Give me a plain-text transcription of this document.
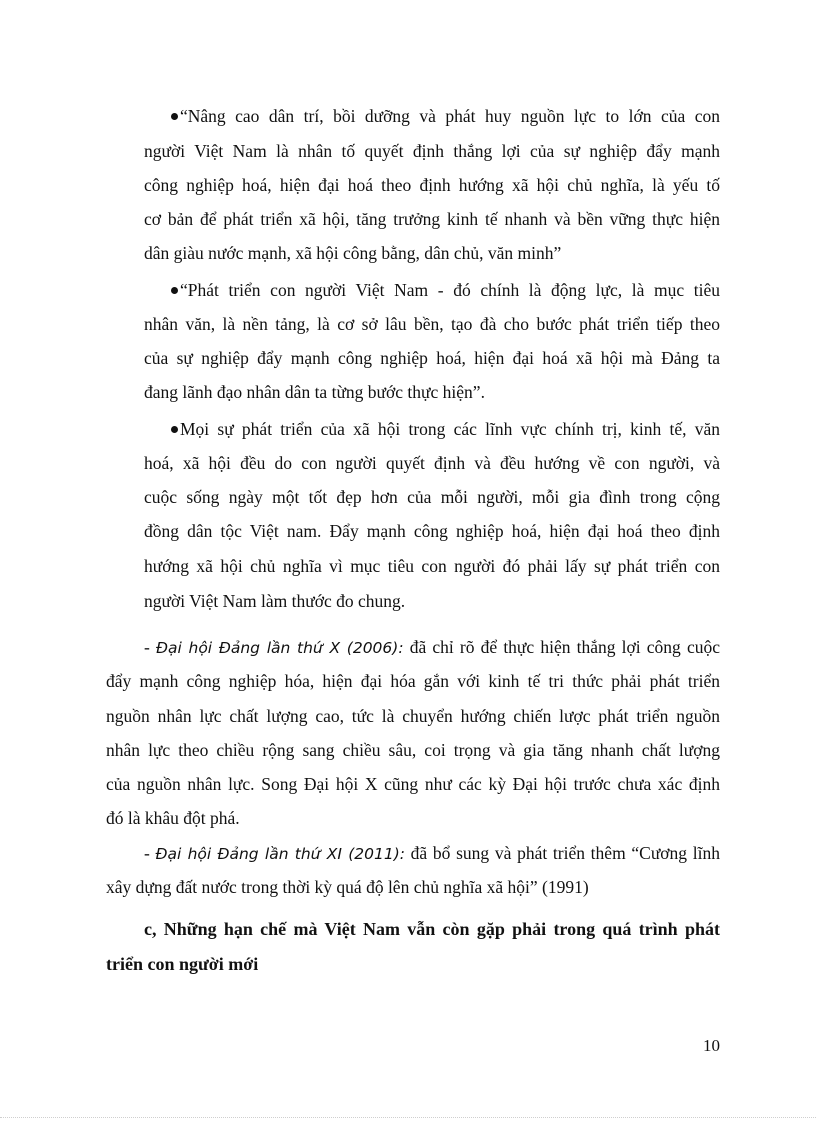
“Nâng cao dân trí, bồi dưỡng và phát huy nguồn lực to lớn của con
người Việt Nam là nhân tố quyết định thắng lợi của sự nghiệp đẩy mạnh
công nghiệp hoá, hiện đại hoá theo định hướng xã hội chủ nghĩa, là yếu tố
cơ bản để phát triển xã hội, tăng trưởng kinh tế nhanh và bền vững thực hiện
dân giàu nước mạnh, xã hội công bằng, dân chủ, văn minh”
“Phát triển con người Việt Nam - đó chính là động lực, là mục tiêu
nhân văn, là nền tảng, là cơ sở lâu bền, tạo đà cho bước phát triển tiếp theo
của sự nghiệp đẩy mạnh công nghiệp hoá, hiện đại hoá xã hội mà Đảng ta
đang lãnh đạo nhân dân ta từng bước thực hiện”.
Mọi sự phát triển của xã hội trong các lĩnh vực chính trị, kinh tế, văn
hoá, xã hội đều do con người quyết định và đều hướng về con người, và
cuộc sống ngày một tốt đẹp hơn của mỗi người, mỗi gia đình trong cộng
đồng dân tộc Việt nam. Đẩy mạnh công nghiệp hoá, hiện đại hoá theo định
hướng xã hội chủ nghĩa vì mục tiêu con người đó phải lấy sự phát triển con
người Việt Nam làm thước đo chung.
- Đại hội Đảng lần thứ X (2006): đã chỉ rõ để thực hiện thắng lợi công cuộc
đẩy mạnh công nghiệp hóa, hiện đại hóa gắn với kinh tế tri thức phải phát triển
nguồn nhân lực chất lượng cao, tức là chuyển hướng chiến lược phát triển nguồn
nhân lực theo chiều rộng sang chiều sâu, coi trọng và gia tăng nhanh chất lượng
của nguồn nhân lực. Song Đại hội X cũng như các kỳ Đại hội trước chưa xác định
đó là khâu đột phá.
- Đại hội Đảng lần thứ XI (2011): đã bổ sung và phát triển thêm “Cương lĩnh
xây dựng đất nước trong thời kỳ quá độ lên chủ nghĩa xã hội” (1991)
c, Những hạn chế mà Việt Nam vẫn còn gặp phải trong quá trình phát
triển con người mới
10
